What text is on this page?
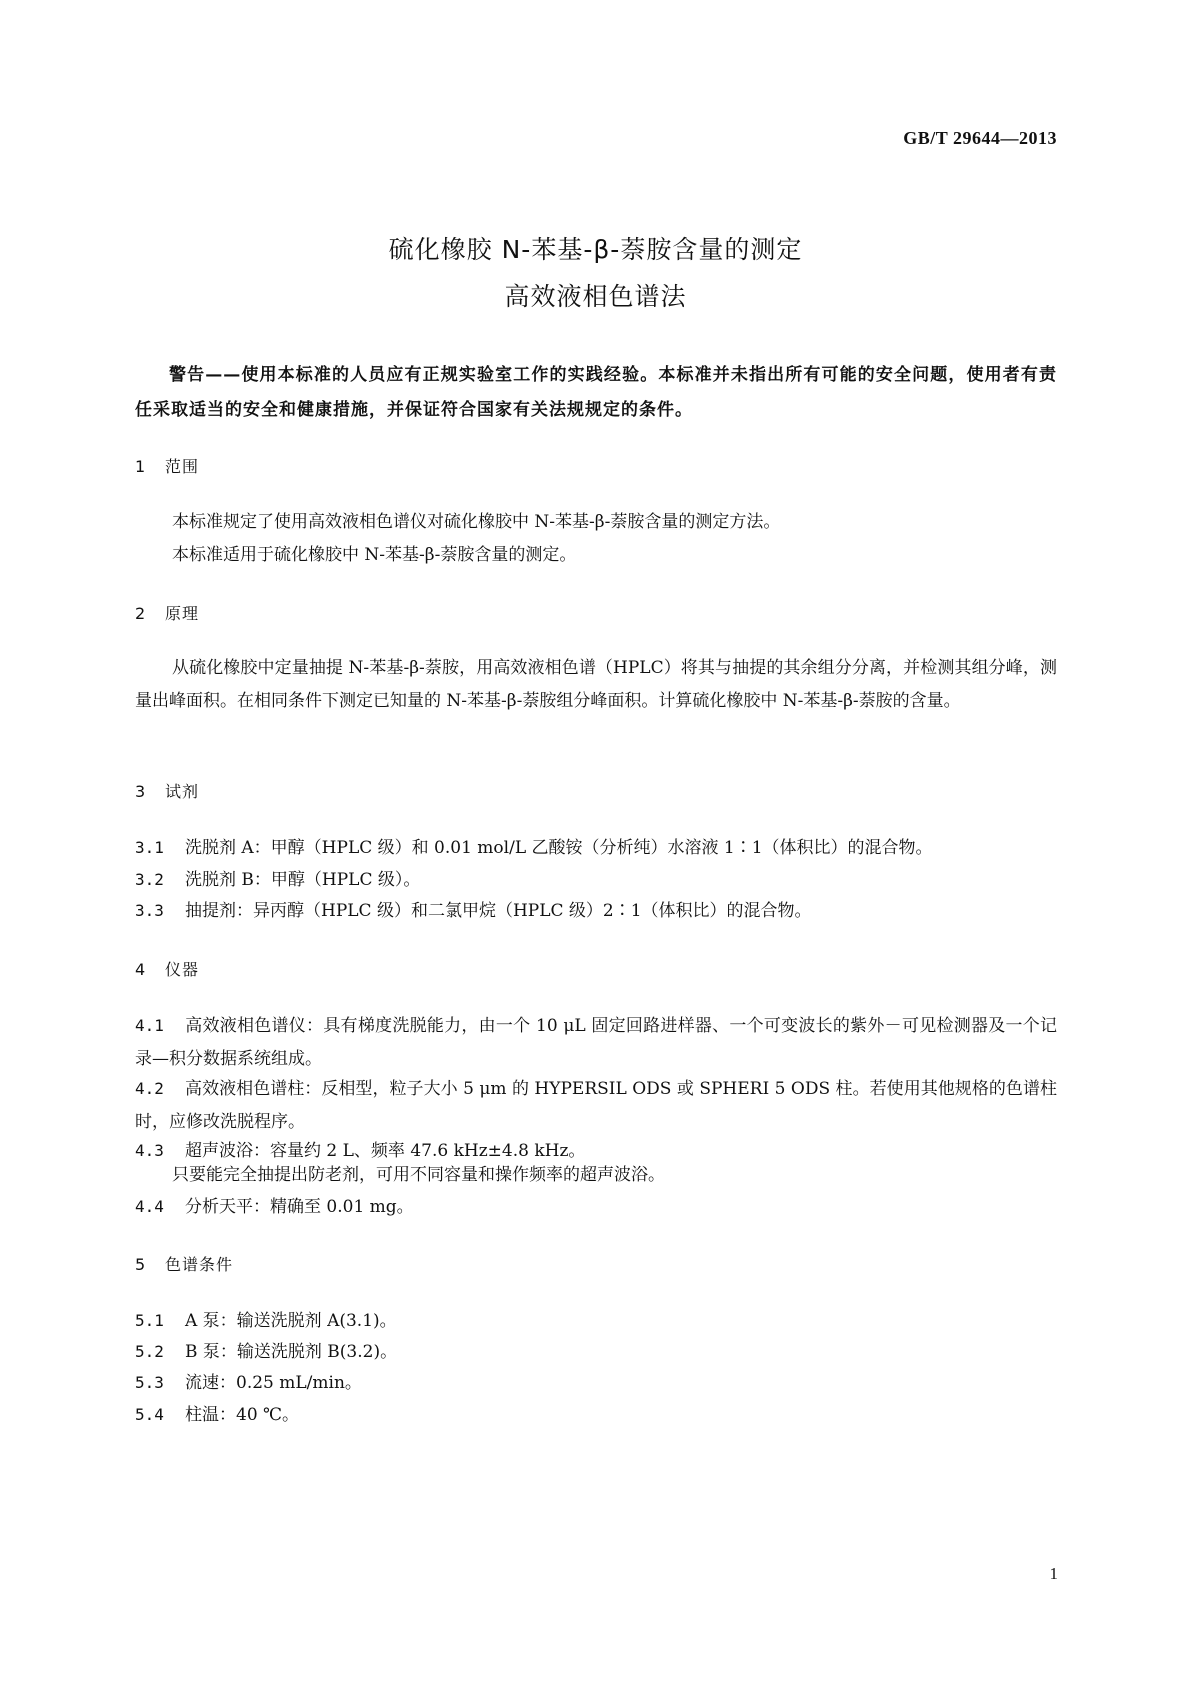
GB/T 29644—2013
硫化橡胶 N-苯基-β-萘胺含量的测定
高效液相色谱法

警告——使用本标准的人员应有正规实验室工作的实践经验。本标准并未指出所有可能的安全问题，使用者有责任采取适当的安全和健康措施，并保证符合国家有关法规规定的条件。

1 范围

本标准规定了使用高效液相色谱仪对硫化橡胶中 N-苯基-β-萘胺含量的测定方法。

本标准适用于硫化橡胶中 N-苯基-β-萘胺含量的测定。

2 原理

从硫化橡胶中定量抽提 N-苯基-β-萘胺，用高效液相色谱（HPLC）将其与抽提的其余组分分离，并检测其组分峰，测量出峰面积。在相同条件下测定已知量的 N-苯基-β-萘胺组分峰面积。计算硫化橡胶中 N-苯基-β-萘胺的含量。

3 试剂

3.1 洗脱剂 A：甲醇（HPLC 级）和 0.01 mol/L 乙酸铵（分析纯）水溶液 1∶1（体积比）的混合物。

3.2 洗脱剂 B：甲醇（HPLC 级）。

3.3 抽提剂：异丙醇（HPLC 级）和二氯甲烷（HPLC 级）2∶1（体积比）的混合物。

4 仪器

4.1 高效液相色谱仪：具有梯度洗脱能力，由一个 10 μL 固定回路进样器、一个可变波长的紫外－可见检测器及一个记录—积分数据系统组成。

4.2 高效液相色谱柱：反相型，粒子大小 5 μm 的 HYPERSIL ODS 或 SPHERI 5 ODS 柱。若使用其他规格的色谱柱时，应修改洗脱程序。

4.3 超声波浴：容量约 2 L、频率 47.6 kHz±4.8 kHz。

只要能完全抽提出防老剂，可用不同容量和操作频率的超声波浴。

4.4 分析天平：精确至 0.01 mg。

5 色谱条件

5.1 A 泵：输送洗脱剂 A(3.1)。

5.2 B 泵：输送洗脱剂 B(3.2)。

5.3 流速：0.25 mL/min。

5.4 柱温：40 ℃。

1
